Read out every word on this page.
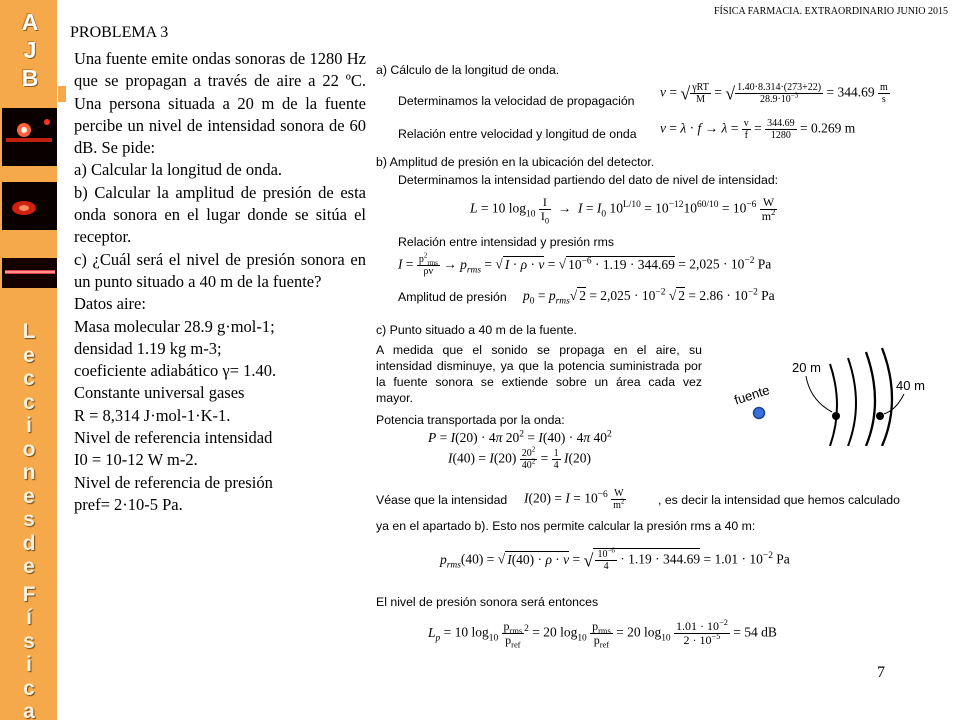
A
J
B
L
e
c
c
i
o
n
e
s
d
e
F
í
s
i
c
a
FÍSICA FARMACIA. EXTRAORDINARIO JUNIO 2015
PROBLEMA 3

Una fuente emite ondas sonoras de 1280 Hz que se propagan a través de aire a 22 ºC. Una persona situada a 20 m de la fuente percibe un nivel de intensidad sonora de 60 dB. Se pide:

a) Calcular la longitud de onda.

b) Calcular la amplitud de presión de esta onda sonora en el lugar donde se sitúa el receptor.

c) ¿Cuál será el nivel de presión sonora en un punto situado a 40 m de la fuente?

Datos aire:

Masa molecular 28.9 g·mol-1;

densidad 1.19 kg m-3;

coeficiente adiabático γ= 1.40.

Constante universal gases

R = 8,314 J·mol-1·K-1.

Nivel de referencia intensidad

I0 = 10-12 W m-2.

Nivel de referencia de presión

pref= 2·10-5 Pa.

a) Cálculo de la longitud de onda.
Determinamos la velocidad de propagación
v = √ $\frac{\text{γRT}}{M}$ = √ $\frac{1.40\cdot 8.314\cdot(273+22)}{28.9\cdot 10^{-3}} = 344.69 \frac{m}{s}$
Relación entre velocidad y longitud de onda $v = \lambda \cdot f \to \lambda = \frac{v}{f} = \frac{344.69}{1280} = 0.269$ m
b) Amplitud de presión en la ubicación del detector.
Determinamos la intensidad partiendo del dato de nivel de intensidad:
L = 10 $\log_{10} \frac{I}{I_0} \to I = I_0$ $10^{L/10} = 10^{-12}10^{60/10} = 10^{-6} \frac{W}{m^2}$
Relación entre intensidad y presión rms
$I = \frac{p^2_{rms}}{\rho v} \to p_{rms}$ = √ I · ρ · v = √ $10^{-6} \cdot 1.19 \cdot 344.69 = 2,025 \cdot 10^{-2}$ Pa
Amplitud de presión $p_0 = p_{rms}√$ $2 = 2,025 \cdot 10^{-2}$ √ $2 = 2.86 \cdot 10^{-2}$ Pa
c) Punto situado a 40 m de la fuente.
A medida que el sonido se propaga en el aire, su intensidad disminuye, ya que la potencia suministrada por la fuente sonora se extiende sobre un área cada vez mayor.	fuente
20 m
40 m
Potencia transportada por la onda:
P = I(20) · 4π $20^2 = I(40) \cdot 4\pi$ $40^2$
$I(40) = I(20) \frac{20^2}{40^2} = \frac{1}{4} I(20)$
Véase que la intensidad $I(20) = I = 10^{-6} \frac{W}{m^2}$	, es decir la intensidad que hemos calculado
ya en el apartado b). Esto nos permite calcular la presión rms a 40 m:
$p_{rms}(40)$ = √ I(40) · ρ · v = √ $\frac{10^{-6}}{4} \cdot 1.19 \cdot 344.69 = 1.01 \cdot 10^{-2}$ Pa
El nivel de presión sonora será entonces
$L_p = 10$ $\log_{10} \frac{p_{rms}}{p_{ref}} ^2 = 20$ $\log_{10} \frac{p_{rms}}{p_{ref}} = 20$ $\log_{10} \frac{1.01 \cdot 10^{-2}}{2 \cdot 10^{-5}} = 54$ dB
7
